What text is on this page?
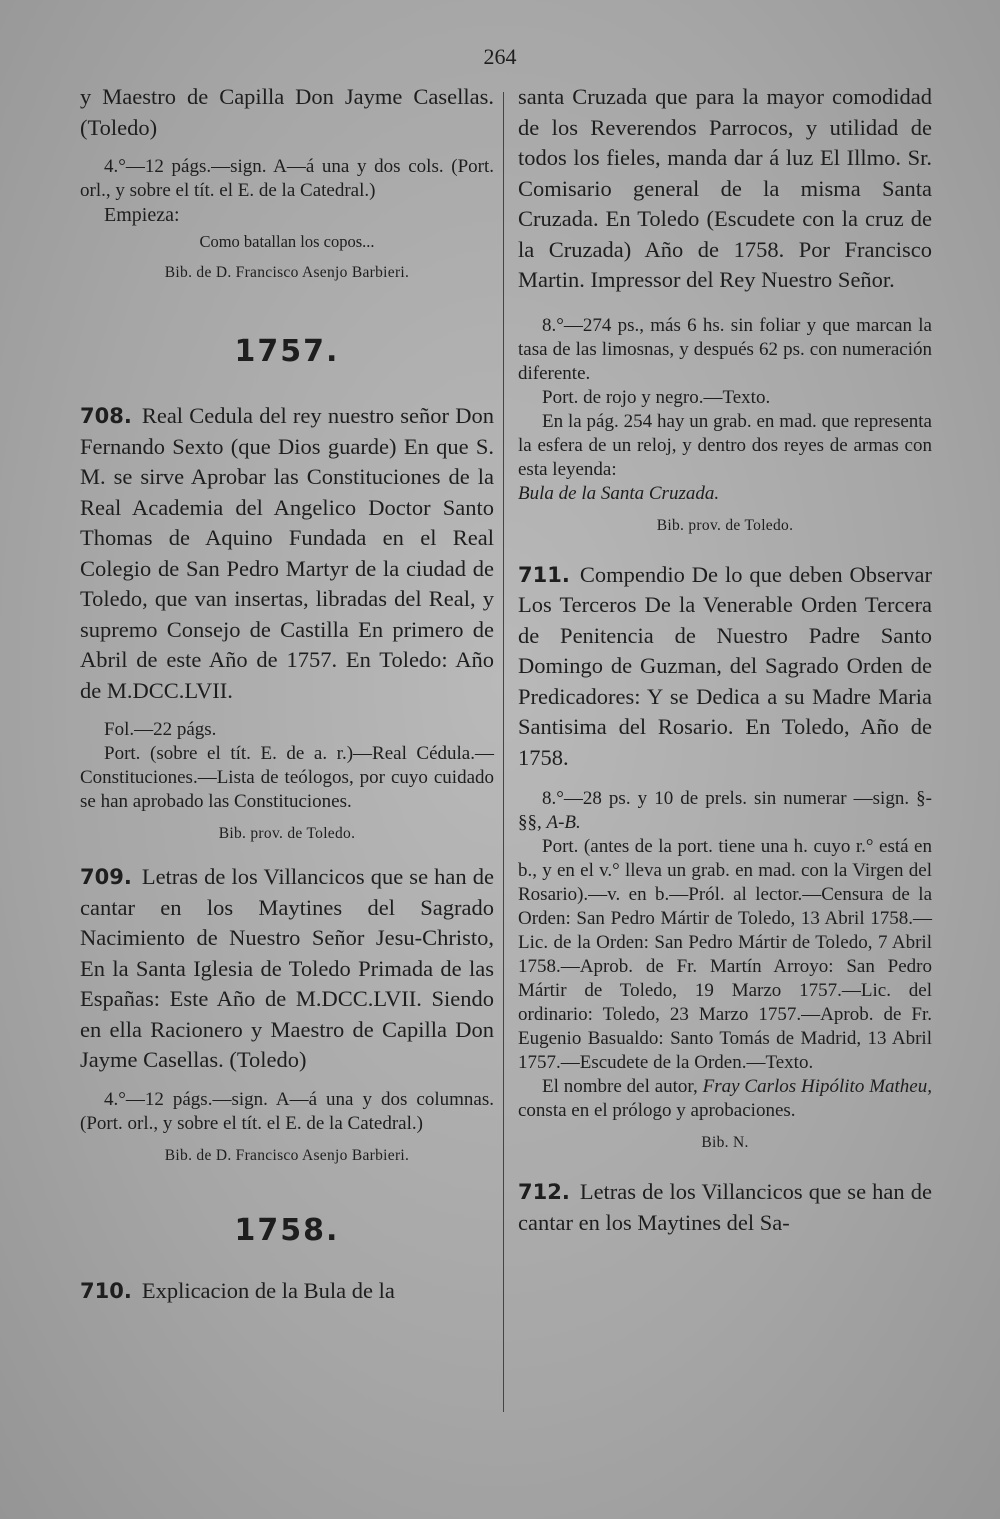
264

y Maestro de Capilla Don Jayme Casellas. (Toledo)

4.°—12 págs.—sign. A—á una y dos cols. (Port. orl., y sobre el tít. el E. de la Catedral.)

Empieza:

Como batallan los copos...

Bib. de D. Francisco Asenjo Barbieri.

1757.

708. Real Cedula del rey nuestro señor Don Fernando Sexto (que Dios guarde) En que S. M. se sirve Aprobar las Constituciones de la Real Academia del Angelico Doctor Santo Thomas de Aquino Fundada en el Real Colegio de San Pedro Martyr de la ciudad de Toledo, que van insertas, libradas del Real, y supremo Consejo de Castilla En primero de Abril de este Año de 1757. En Toledo: Año de M.DCC.LVII.

Fol.—22 págs.

Port. (sobre el tít. E. de a. r.)—Real Cédula.—Constituciones.—Lista de teólogos, por cuyo cuidado se han aprobado las Constituciones.

Bib. prov. de Toledo.

709. Letras de los Villancicos que se han de cantar en los Maytines del Sagrado Nacimiento de Nuestro Señor Jesu-Christo, En la Santa Iglesia de Toledo Primada de las Españas: Este Año de M.DCC.LVII. Siendo en ella Racionero y Maestro de Capilla Don Jayme Casellas. (Toledo)

4.°—12 págs.—sign. A—á una y dos columnas. (Port. orl., y sobre el tít. el E. de la Catedral.)

Bib. de D. Francisco Asenjo Barbieri.

1758.

710. Explicacion de la Bula de la

santa Cruzada que para la mayor comodidad de los Reverendos Parrocos, y utilidad de todos los fieles, manda dar á luz El Illmo. Sr. Comisario general de la misma Santa Cruzada. En Toledo (Escudete con la cruz de la Cruzada) Año de 1758. Por Francisco Martin. Impressor del Rey Nuestro Señor.

8.°—274 ps., más 6 hs. sin foliar y que marcan la tasa de las limosnas, y después 62 ps. con numeración diferente.

Port. de rojo y negro.—Texto.

En la pág. 254 hay un grab. en mad. que representa la esfera de un reloj, y dentro dos reyes de armas con esta leyenda:

Bula de la Santa Cruzada.

Bib. prov. de Toledo.

711. Compendio De lo que deben Observar Los Terceros De la Venerable Orden Tercera de Penitencia de Nuestro Padre Santo Domingo de Guzman, del Sagrado Orden de Predicadores: Y se Dedica a su Madre Maria Santisima del Rosario. En Toledo, Año de 1758.

8.°—28 ps. y 10 de prels. sin numerar —sign. §-§§, A-B.

Port. (antes de la port. tiene una h. cuyo r.° está en b., y en el v.° lleva un grab. en mad. con la Virgen del Rosario).—v. en b.—Pról. al lector.—Censura de la Orden: San Pedro Mártir de Toledo, 13 Abril 1758.—Lic. de la Orden: San Pedro Mártir de Toledo, 7 Abril 1758.—Aprob. de Fr. Martín Arroyo: San Pedro Mártir de Toledo, 19 Marzo 1757.—Lic. del ordinario: Toledo, 23 Marzo 1757.—Aprob. de Fr. Eugenio Basualdo: Santo Tomás de Madrid, 13 Abril 1757.—Escudete de la Orden.—Texto.

El nombre del autor, Fray Carlos Hipólito Matheu, consta en el prólogo y aprobaciones.

Bib. N.

712. Letras de los Villancicos que se han de cantar en los Maytines del Sa-
